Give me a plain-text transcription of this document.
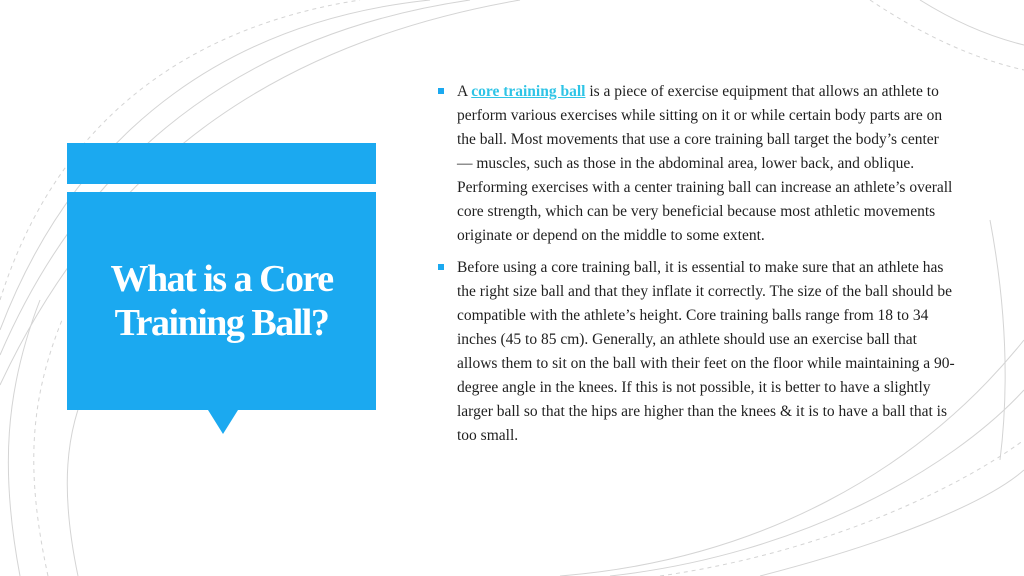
What is a Core Training Ball?
A core training ball is a piece of exercise equipment that allows an athlete to perform various exercises while sitting on it or while certain body parts are on the ball. Most movements that use a core training ball target the body’s center — muscles, such as those in the abdominal area, lower back, and oblique. Performing exercises with a center training ball can increase an athlete’s overall core strength, which can be very beneficial because most athletic movements originate or depend on the middle to some extent.
Before using a core training ball, it is essential to make sure that an athlete has the right size ball and that they inflate it correctly. The size of the ball should be compatible with the athlete’s height. Core training balls range from 18 to 34 inches (45 to 85 cm). Generally, an athlete should use an exercise ball that allows them to sit on the ball with their feet on the floor while maintaining a 90-degree angle in the knees. If this is not possible, it is better to have a slightly larger ball so that the hips are higher than the knees & it is to have a ball that is too small.
